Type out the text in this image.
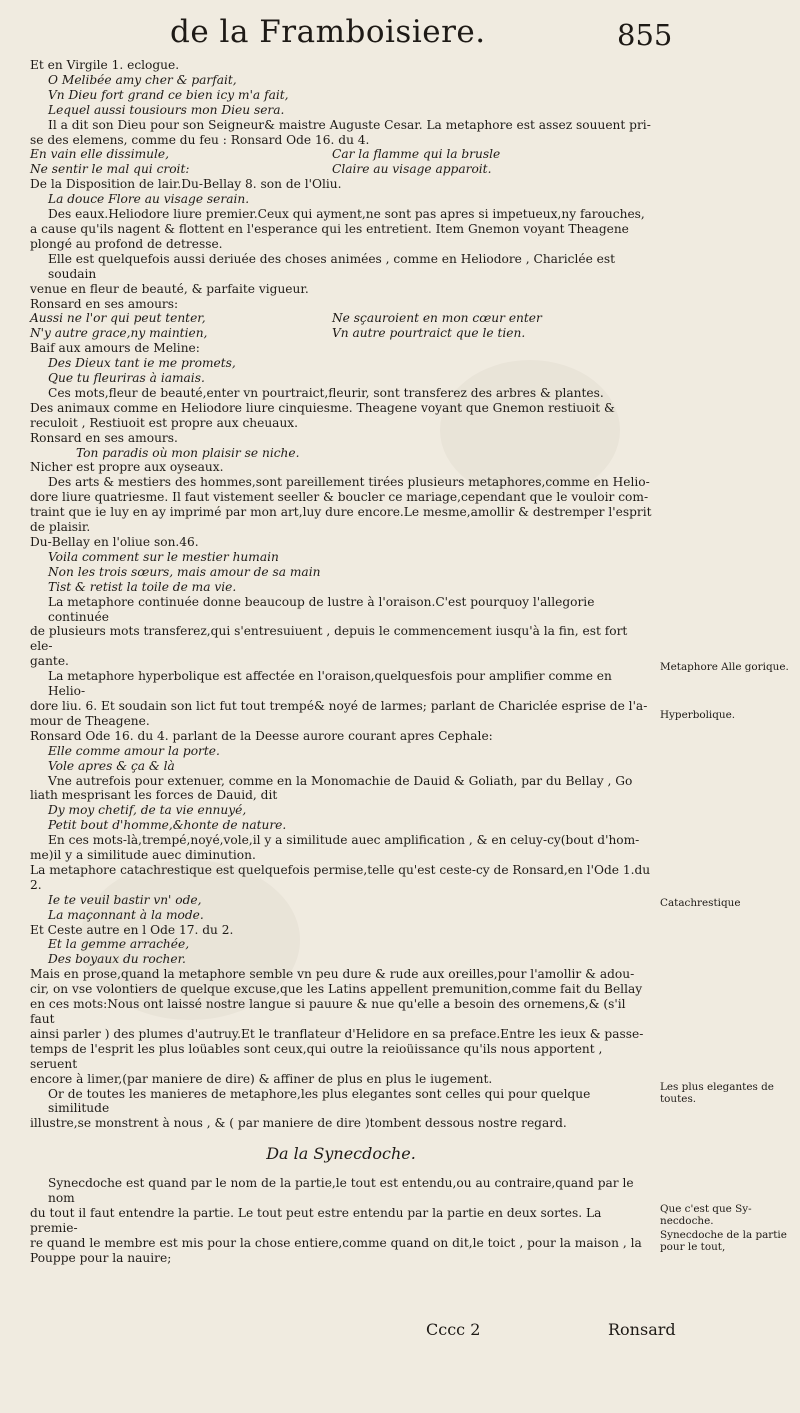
de la Framboisiere.	855

Et en Virgile 1. eclogue.

O Melibée amy cher & parfait,

Vn Dieu fort grand ce bien icy m'a fait,

Lequel aussi tousiours mon Dieu sera.

Il a dit son Dieu pour son Seigneur& maistre Auguste Cesar. La metaphore est assez souuent pri-

se des elemens, comme du feu : Ronsard Ode 16. du 4.

En vain elle dissimule,	Car la flamme qui la brusle
Ne sentir le mal qui croit:	Claire au visage apparoit.

De la Disposition de lair.Du-Bellay 8. son de l'Oliu.

La douce Flore au visage serain.

Des eaux.Heliodore liure premier.Ceux qui ayment,ne sont pas apres si impetueux,ny farouches,

a cause qu'ils nagent & flottent en l'esperance qui les entretient. Item Gnemon voyant Theagene

plongé au profond de detresse.

Elle est quelquefois aussi deriuée des choses animées , comme en Heliodore , Chariclée est soudain

venue en fleur de beauté, & parfaite vigueur.

Ronsard en ses amours:

Aussi ne l'or qui peut tenter,	Ne sçauroient en mon cœur enter
N'y autre grace,ny maintien,	Vn autre pourtraict que le tien.

Baif aux amours de Meline:

Des Dieux tant ie me promets,

Que tu fleuriras à iamais.

Ces mots,fleur de beauté,enter vn pourtraict,fleurir, sont transferez des arbres & plantes.

Des animaux comme en Heliodore liure cinquiesme. Theagene voyant que Gnemon restiuoit &

reculoit , Restiuoit est propre aux cheuaux.

Ronsard en ses amours.

Ton paradis où mon plaisir se niche.

Nicher est propre aux oyseaux.

Des arts & mestiers des hommes,sont pareillement tirées plusieurs metaphores,comme en Helio-

dore liure quatriesme. Il faut vistement seeller & boucler ce mariage,cependant que le vouloir com-

traint que ie luy en ay imprimé par mon art,luy dure encore.Le mesme,amollir & destremper l'esprit

de plaisir.

Du-Bellay en l'oliue son.46.

Voila comment sur le mestier humain

Non les trois sœurs, mais amour de sa main

Tist & retist la toile de ma vie.

La metaphore continuée donne beaucoup de lustre à l'oraison.C'est pourquoy l'allegorie continuée

de plusieurs mots transferez,qui s'entresuiuent , depuis le commencement iusqu'à la fin, est fort ele-

gante.

La metaphore hyperbolique est affectée en l'oraison,quelquesfois pour amplifier comme en Helio-

dore liu. 6. Et soudain son lict fut tout trempé& noyé de larmes; parlant de Chariclée esprise de l'a-

mour de Theagene.

Ronsard Ode 16. du 4. parlant de la Deesse aurore courant apres Cephale:

Elle comme amour la porte.

Vole apres & ça & là

Vne autrefois pour extenuer, comme en la Monomachie de Dauid & Goliath, par du Bellay , Go

liath mesprisant les forces de Dauid, dit

Dy moy chetif, de ta vie ennuyé,

Petit bout d'homme,&honte de nature.

En ces mots-là,trempé,noyé,vole,il y a similitude auec amplification , & en celuy-cy(bout d'hom-

me)il y a similitude auec diminution.

La metaphore catachrestique est quelquefois permise,telle qu'est ceste-cy de Ronsard,en l'Ode 1.du 2.

Ie te veuil bastir vn' ode,

La maçonnant à la mode.

Et Ceste autre en l Ode 17. du 2.

Et la gemme arrachée,

Des boyaux du rocher.

Mais en prose,quand la metaphore semble vn peu dure & rude aux oreilles,pour l'amollir & adou-

cir, on vse volontiers de quelque excuse,que les Latins appellent premunition,comme fait du Bellay

en ces mots:Nous ont laissé nostre langue si pauure & nue qu'elle a besoin des ornemens,& (s'il faut

ainsi parler ) des plumes d'autruy.Et le tranflateur d'Helidore en sa preface.Entre les ieux & passe-

temps de l'esprit les plus loüables sont ceux,qui outre la reioüissance qu'ils nous apportent , seruent

encore à limer,(par maniere de dire) & affiner de plus en plus le iugement.

Or de toutes les manieres de metaphore,les plus elegantes sont celles qui pour quelque similitude

illustre,se monstrent à nous , & ( par maniere de dire )tombent dessous nostre regard.

Da la Synecdoche.

Synecdoche est quand par le nom de la partie,le tout est entendu,ou au contraire,quand par le nom

du tout il faut entendre la partie. Le tout peut estre entendu par la partie en deux sortes. La premie-

re quand le membre est mis pour la chose entiere,comme quand on dit,le toict , pour la maison , la

Pouppe pour la nauire;

Metaphore Alle gorique.
Hyperbolique.
Catachrestique
Les plus elegantes de toutes.
Que c'est que Sy- necdoche.
Synecdoche de la partie pour le tout,
Cccc 2	Ronsard
